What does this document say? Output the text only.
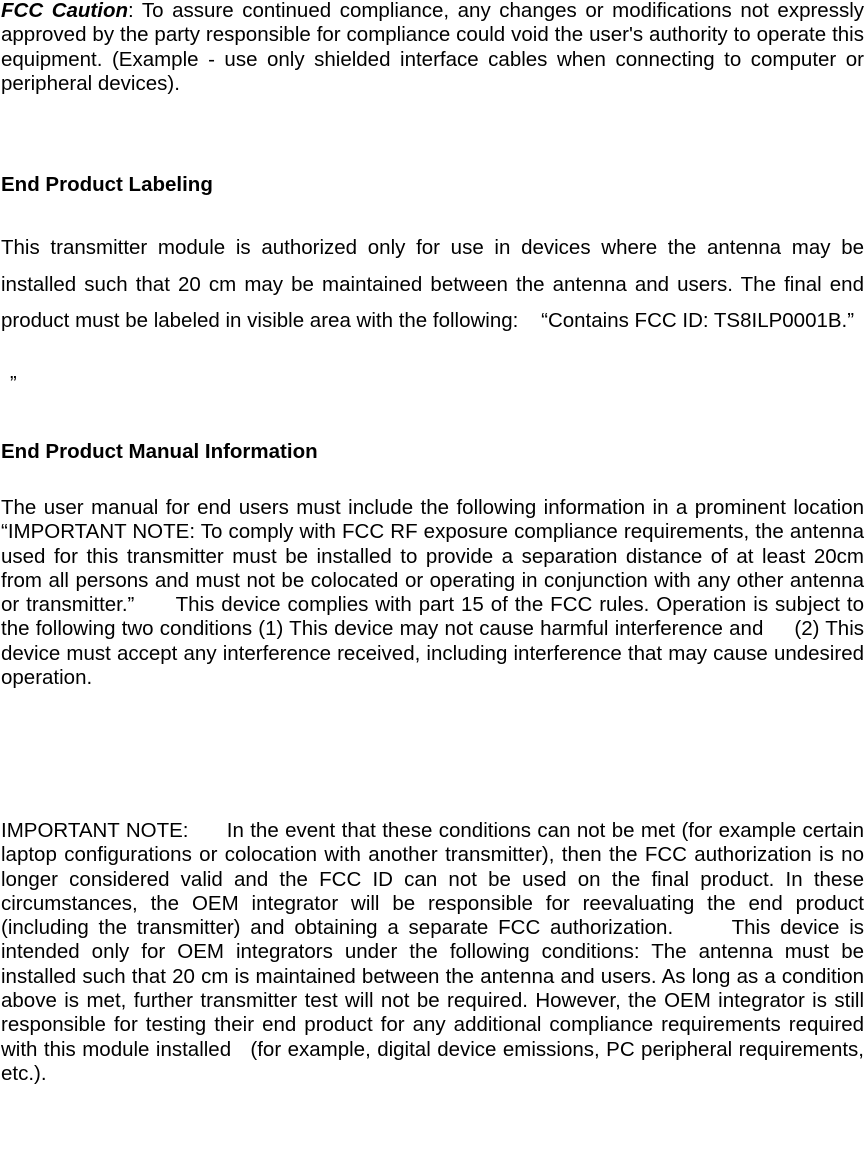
FCC Caution: To assure continued compliance, any changes or modifications not expressly approved by the party responsible for compliance could void the user's authority to operate this equipment. (Example - use only shielded interface cables when connecting to computer or peripheral devices).

End Product Labeling

This transmitter module is authorized only for use in devices where the antenna may be installed such that 20 cm may be maintained between the antenna and users. The final end product must be labeled in visible area with the following:    “Contains FCC ID: TS8ILP0001B.”

”
End Product Manual Information

The user manual for end users must include the following information in a prominent location “IMPORTANT NOTE: To comply with FCC RF exposure compliance requirements, the antenna used for this transmitter must be installed to provide a separation distance of at least 20cm from all persons and must not be colocated or operating in conjunction with any other antenna or transmitter.”      This device complies with part 15 of the FCC rules. Operation is subject to the following two conditions (1) This device may not cause harmful interference and     (2) This device must accept any interference received, including interference that may cause undesired operation.

IMPORTANT NOTE:      In the event that these conditions can not be met (for example certain laptop configurations or colocation with another transmitter), then the FCC authorization is no longer considered valid and the FCC ID can not be used on the final product. In these circumstances, the OEM integrator will be responsible for reevaluating the end product (including the transmitter) and obtaining a separate FCC authorization.      This device is intended only for OEM integrators under the following conditions: The antenna must be installed such that 20 cm is maintained between the antenna and users. As long as a condition above is met, further transmitter test will not be required. However, the OEM integrator is still responsible for testing their end product for any additional compliance requirements required with this module installed   (for example, digital device emissions, PC peripheral requirements, etc.).
